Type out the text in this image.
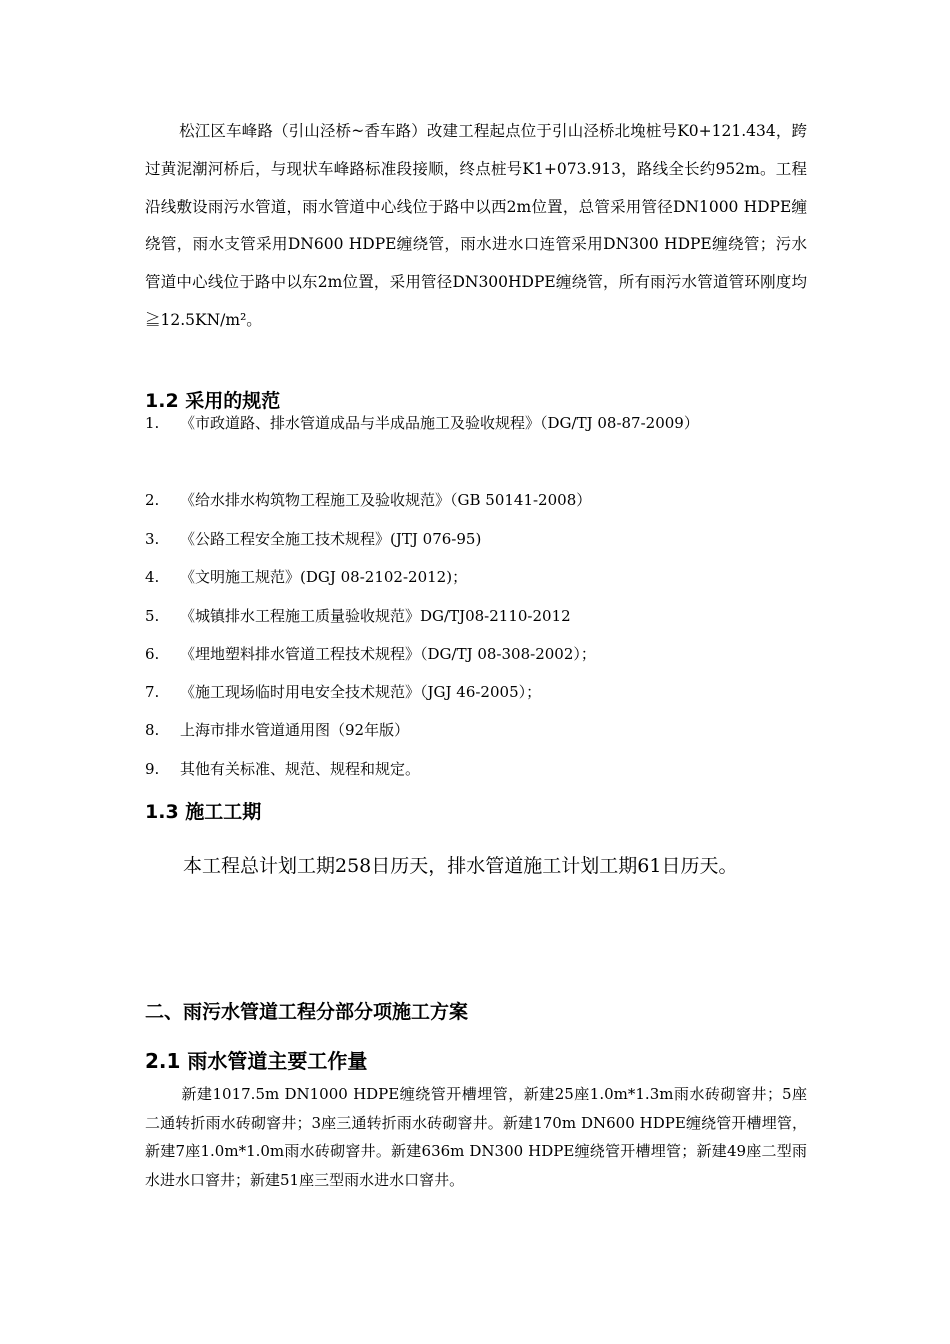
松江区车峰路（引山泾桥~香车路）改建工程起点位于引山泾桥北堍桩号K0+121.434，跨过黄泥潮河桥后，与现状车峰路标准段接顺，终点桩号K1+073.913，路线全长约952m。工程沿线敷设雨污水管道，雨水管道中心线位于路中以西2m位置，总管采用管径DN1000 HDPE缠绕管，雨水支管采用DN600 HDPE缠绕管，雨水进水口连管采用DN300 HDPE缠绕管；污水管道中心线位于路中以东2m位置，采用管径DN300HDPE缠绕管，所有雨污水管道管环刚度均≧12.5KN/m²。
1.2 采用的规范
1. 《市政道路、排水管道成品与半成品施工及验收规程》（DG/TJ 08-87-2009）
2. 《给水排水构筑物工程施工及验收规范》（GB 50141-2008）
3. 《公路工程安全施工技术规程》(JTJ 076-95)
4. 《文明施工规范》(DGJ 08-2102-2012)；
5. 《城镇排水工程施工质量验收规范》DG/TJ08-2110-2012
6. 《埋地塑料排水管道工程技术规程》（DG/TJ 08-308-2002）；
7. 《施工现场临时用电安全技术规范》（JGJ 46-2005）；
8. 上海市排水管道通用图（92年版）
9. 其他有关标准、规范、规程和规定。
1.3 施工工期
本工程总计划工期258日历天，排水管道施工计划工期61日历天。
二、雨污水管道工程分部分项施工方案
2.1 雨水管道主要工作量
新建1017.5m DN1000 HDPE缠绕管开槽埋管，新建25座1.0m*1.3m雨水砖砌窨井；5座二通转折雨水砖砌窨井；3座三通转折雨水砖砌窨井。新建170m DN600 HDPE缠绕管开槽埋管，新建7座1.0m*1.0m雨水砖砌窨井。新建636m DN300 HDPE缠绕管开槽埋管；新建49座二型雨水进水口窨井；新建51座三型雨水进水口窨井。
